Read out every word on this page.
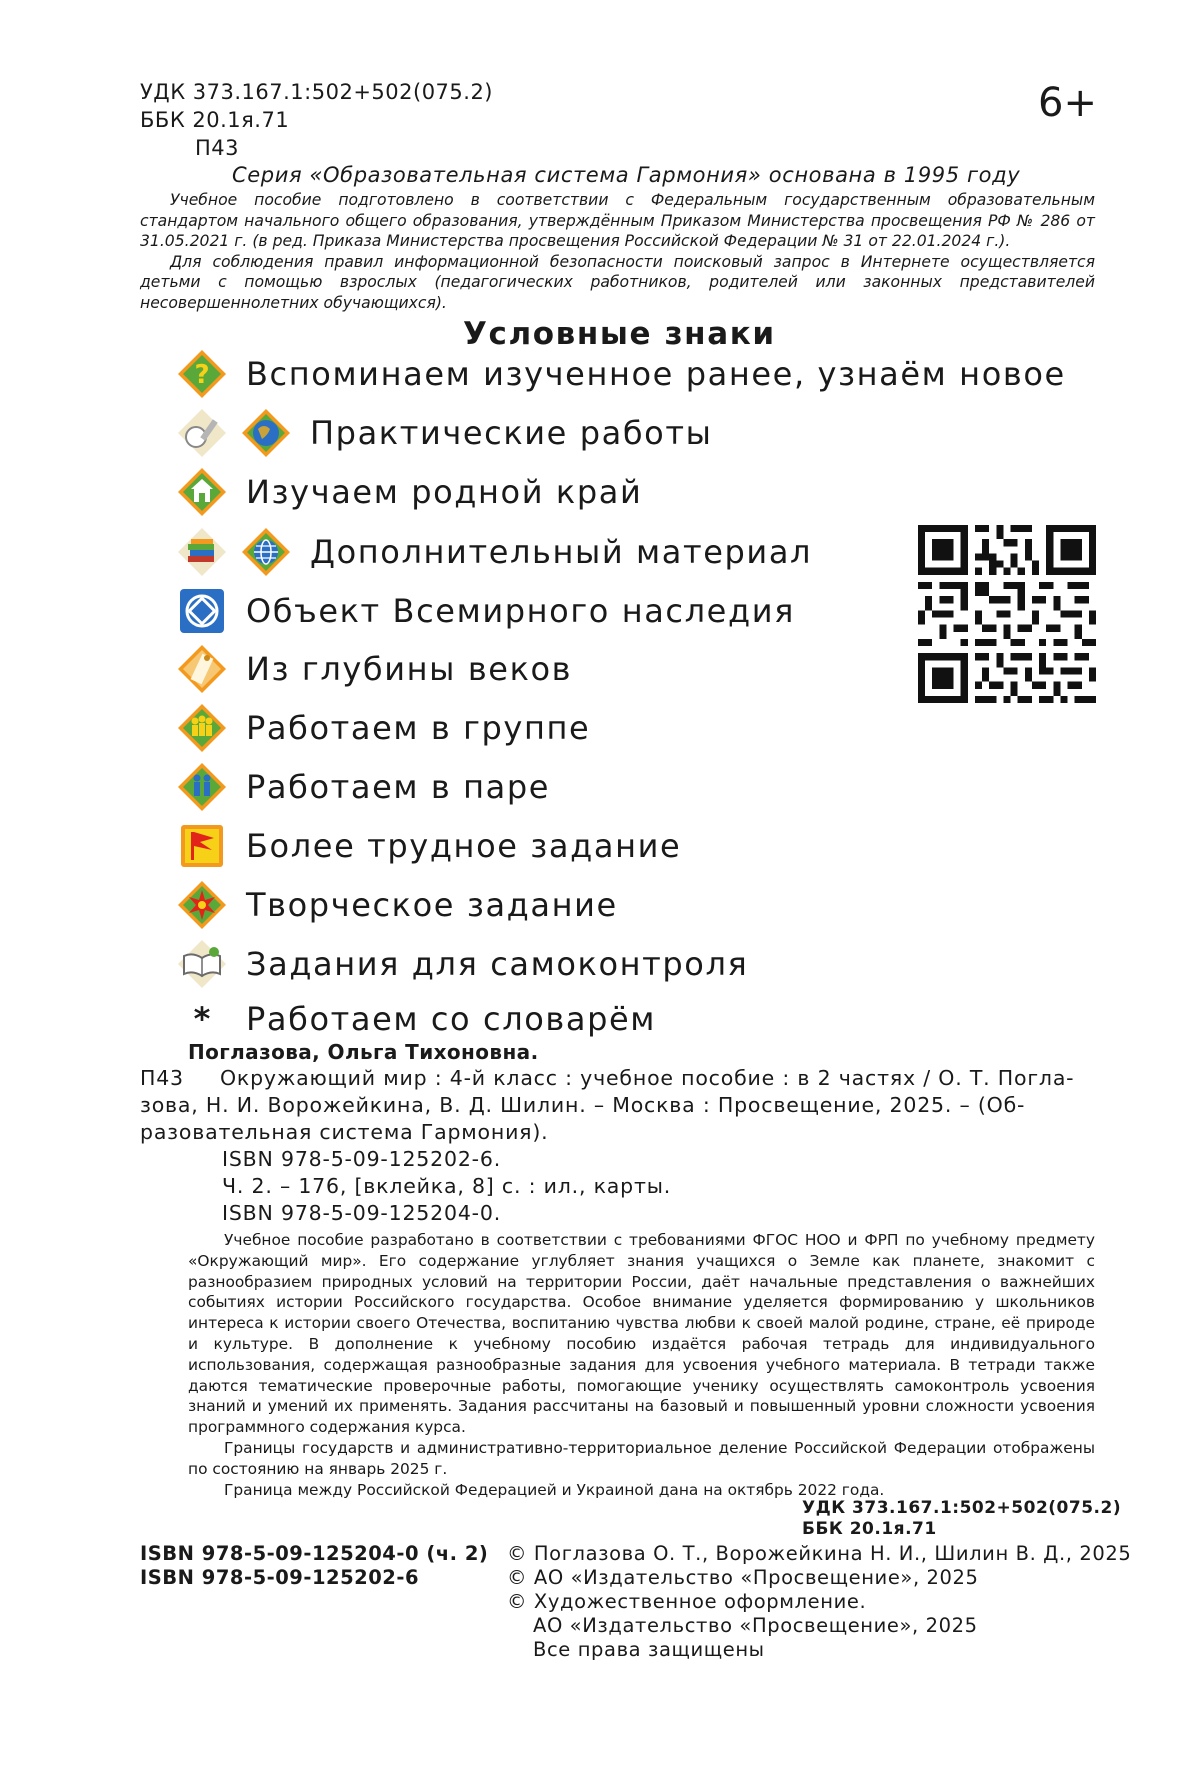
УДК 373.167.1:502+502(075.2)
ББК 20.1я.71
П43
6+
Серия «Образовательная система Гармония» основана в 1995 году

Учебное пособие подготовлено в соответствии с Федеральным государственным образовательным стандартом начального общего образования, утверждённым Приказом Министерства просвещения РФ № 286 от 31.05.2021 г. (в ред. Приказа Министерства просвещения Российской Федерации № 31 от 22.01.2024 г.).

Для соблюдения правил информационной безопасности поисковый запрос в Интернете осуществляется детьми с помощью взрослых (педагогических работников, родителей или законных представителей несовершеннолетних обучающихся).

Условные знаки
? Вспоминаем изученное ранее, узнаём новое
Практические работы
Изучаем родной край
Дополнительный материал
Объект Всемирного наследия
Из глубины веков
Работаем в группе
Работаем в паре
Более трудное задание
Творческое задание
Задания для самоконтроля
*	Работаем со словарём
Поглазова, Ольга Тихоновна.
П43	Окружающий мир : 4-й класс : учебное пособие : в 2 частях / О. Т. Погла-
зова, Н. И. Ворожейкина, В. Д. Шилин. – Москва : Просвещение, 2025. – (Об-
разовательная система Гармония).
ISBN 978-5-09-125202-6.
Ч. 2. – 176, [вклейка, 8] с. : ил., карты.
ISBN 978-5-09-125204-0.

Учебное пособие разработано в соответствии с требованиями ФГОС НОО и ФРП по учебному предмету «Окружающий мир». Его содержание углубляет знания учащихся о Земле как планете, знакомит с разнообразием природных условий на территории России, даёт начальные представления о важнейших событиях истории Российского государства. Особое внимание уделяется формированию у школьников интереса к истории своего Отечества, воспитанию чувства любви к своей малой родине, стране, её природе и культуре. В дополнение к учебному пособию издаётся рабочая тетрадь для индивидуального использования, содержащая разнообразные задания для усвоения учебного материала. В тетради также даются тематические проверочные работы, помогающие ученику осуществлять самоконтроль усвоения знаний и умений их применять. Задания рассчитаны на базовый и повышенный уровни сложности усвоения программного содержания курса.

Границы государств и административно-территориальное деление Российской Федерации отображены по состоянию на январь 2025 г.

Граница между Российской Федерацией и Украиной дана на октябрь 2022 года.

УДК 373.167.1:502+502(075.2)
ББК 20.1я.71
ISBN 978-5-09-125204-0 (ч. 2)
ISBN 978-5-09-125202-6
© Поглазова О. Т., Ворожейкина Н. И., Шилин В. Д., 2025
© АО «Издательство «Просвещение», 2025
© Художественное оформление.
АО «Издательство «Просвещение», 2025
Все права защищены
